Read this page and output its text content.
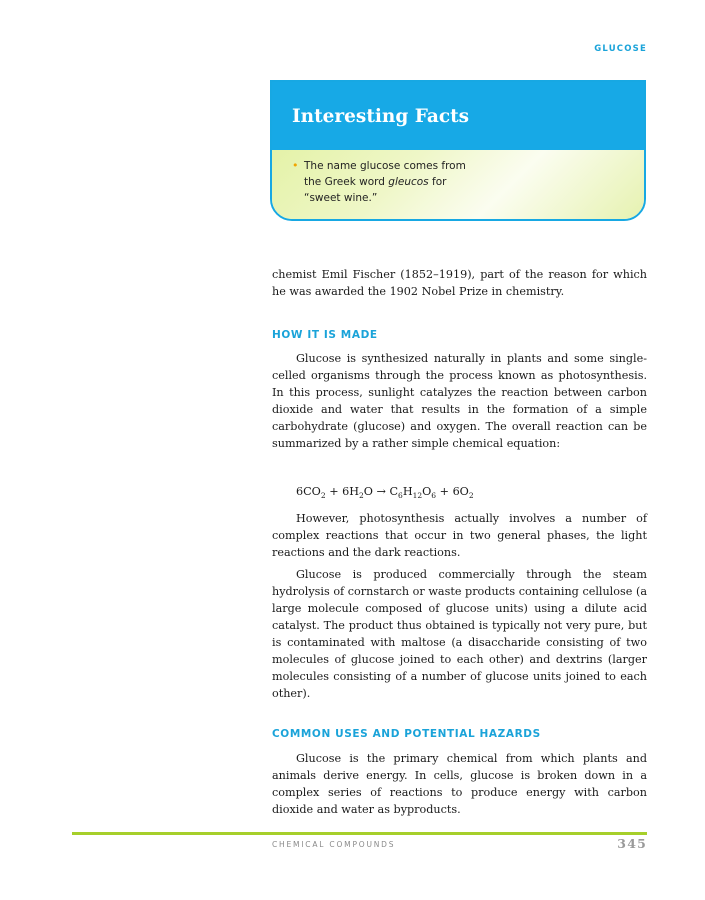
GLUCOSE
Interesting Facts
• The name glucose comes from the Greek word gleucos for “sweet wine.”

chemist Emil Fischer (1852–1919), part of the reason for which he was awarded the 1902 Nobel Prize in chemistry.

HOW IT IS MADE

Glucose is synthesized naturally in plants and some single-celled organisms through the process known as photosynthesis. In this process, sunlight catalyzes the reaction between carbon dioxide and water that results in the formation of a simple carbohydrate (glucose) and oxygen. The overall reaction can be summarized by a rather simple chemical equation:

$6CO_2 + 6H_2O \to C_6H_{12}O_6 + 6O_2$

However, photosynthesis actually involves a number of complex reactions that occur in two general phases, the light reactions and the dark reactions.

Glucose is produced commercially through the steam hydrolysis of cornstarch or waste products containing cellulose (a large molecule composed of glucose units) using a dilute acid catalyst. The product thus obtained is typically not very pure, but is contaminated with maltose (a disaccharide consisting of two molecules of glucose joined to each other) and dextrins (larger molecules consisting of a number of glucose units joined to each other).

COMMON USES AND POTENTIAL HAZARDS

Glucose is the primary chemical from which plants and animals derive energy. In cells, glucose is broken down in a complex series of reactions to produce energy with carbon dioxide and water as byproducts.

CHEMICAL COMPOUNDS	345
